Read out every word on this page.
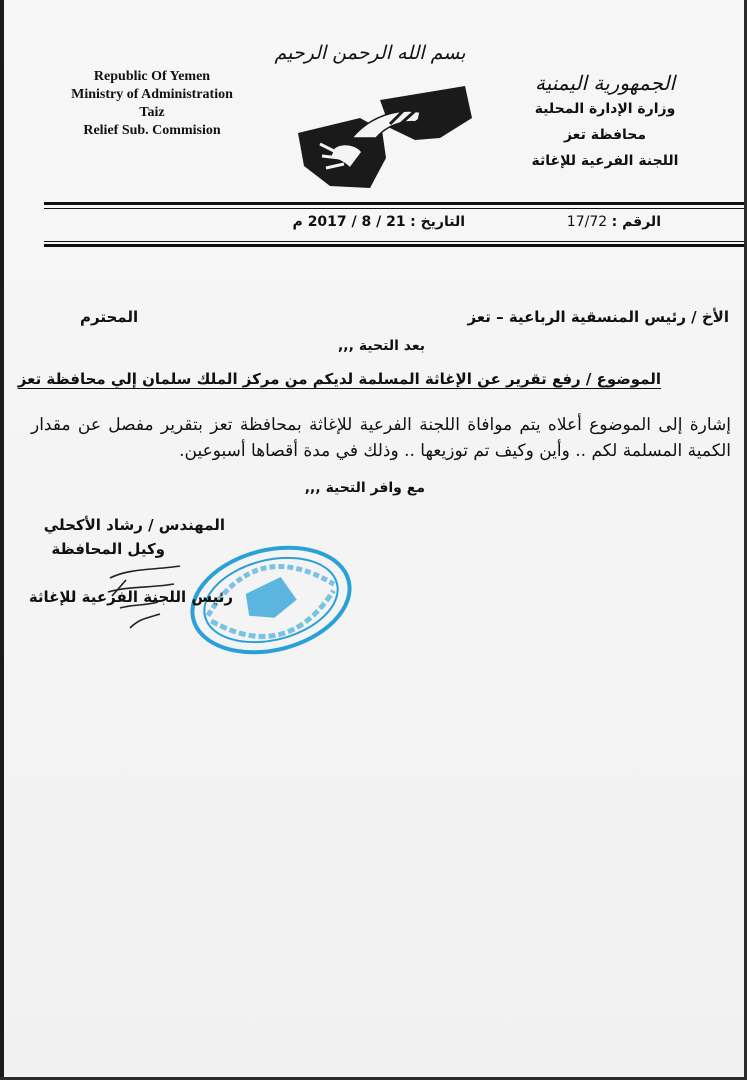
Republic Of Yemen
Ministry of Administration
Taiz
Relief Sub. Commision
بسم الله الرحمن الرحيم
الجمهورية اليمنية
وزارة الإدارة المحلية
محافظة تعز
اللجنة الفرعية للإغاثة
الرقم : 17/72
التاريخ : 21 / 8 / 2017 م
الأخ / رئيس المنسقية الرباعية – تعز
المحترم
بعد التحية ,,,
الموضوع / رفع تقرير عن الإغاثة المسلمة لديكم من مركز الملك سلمان إلي محافظة تعز
إشارة إلى الموضوع أعلاه يتم موافاة اللجنة الفرعية للإغاثة بمحافظة تعز بتقرير مفصل عن مقدار الكمية المسلمة لكم .. وأين وكيف تم توزيعها .. وذلك في مدة أقصاها أسبوعين.
مع وافر التحية ,,,
المهندس / رشاد الأكحلي
وكيل المحافظة
رئيس اللجنة الفرعية للإغاثة
